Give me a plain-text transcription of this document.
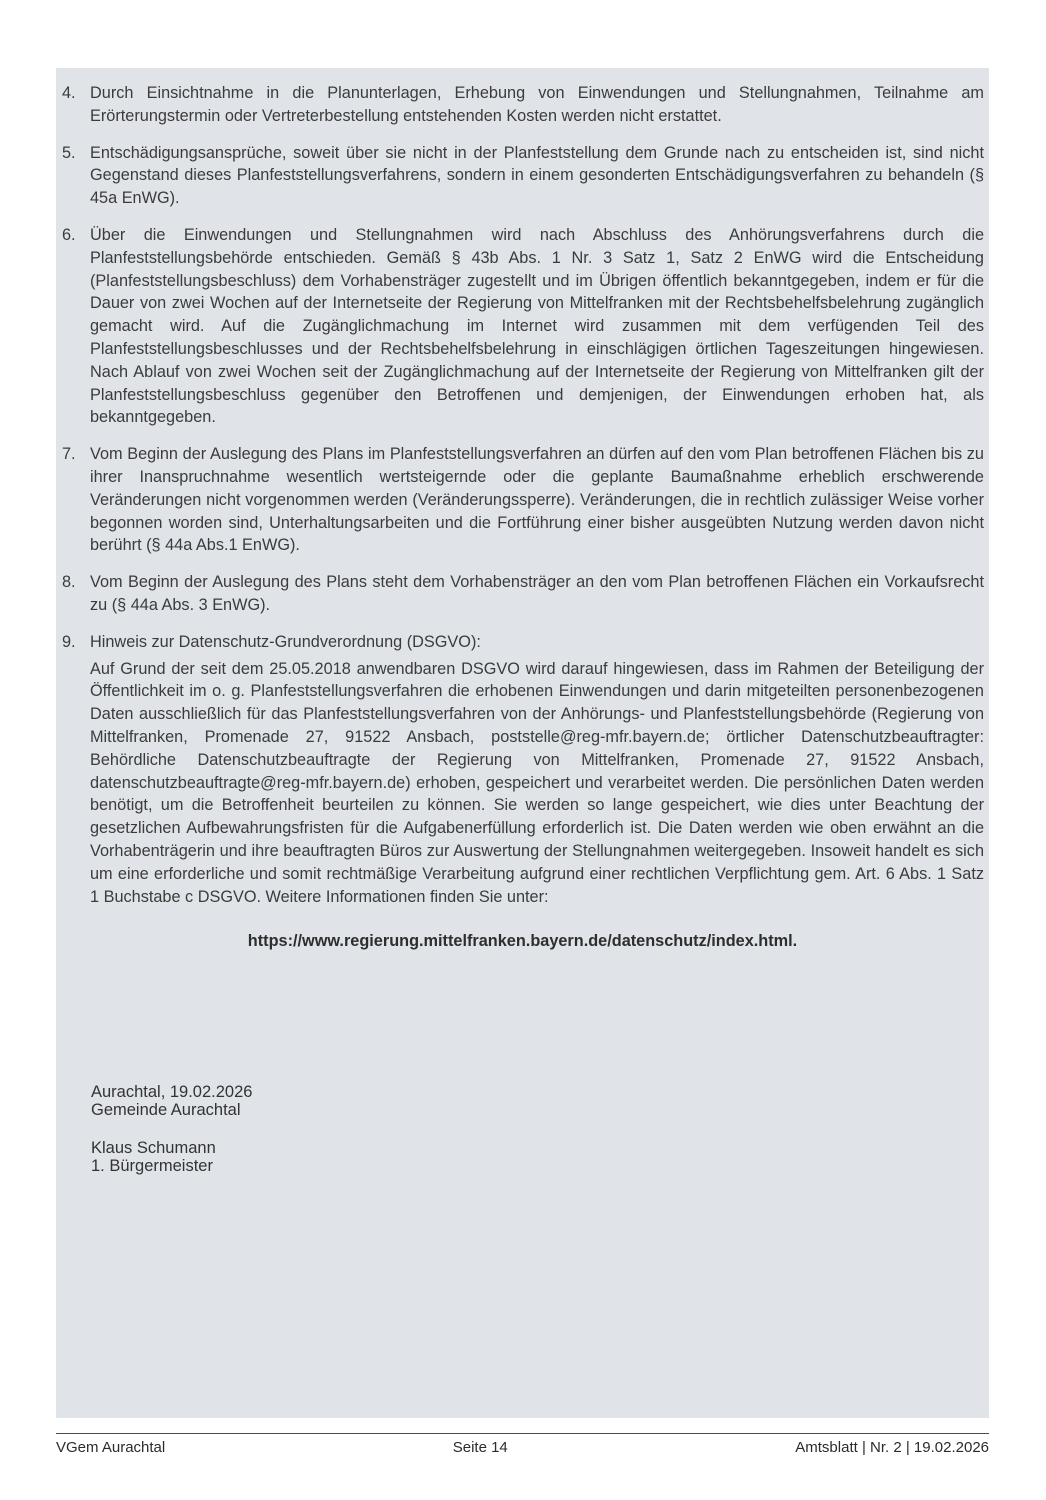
4. Durch Einsichtnahme in die Planunterlagen, Erhebung von Einwendungen und Stellungnahmen, Teilnahme am Erörterungstermin oder Vertreterbestellung entstehenden Kosten werden nicht erstattet.
5. Entschädigungsansprüche, soweit über sie nicht in der Planfeststellung dem Grunde nach zu entscheiden ist, sind nicht Gegenstand dieses Planfeststellungsverfahrens, sondern in einem gesonderten Entschädigungsverfahren zu behandeln (§ 45a EnWG).
6. Über die Einwendungen und Stellungnahmen wird nach Abschluss des Anhörungsverfahrens durch die Planfeststellungsbehörde entschieden. Gemäß § 43b Abs. 1 Nr. 3 Satz 1, Satz 2 EnWG wird die Entscheidung (Planfeststellungsbeschluss) dem Vorhabensträger zugestellt und im Übrigen öffentlich bekanntgegeben, indem er für die Dauer von zwei Wochen auf der Internetseite der Regierung von Mittelfranken mit der Rechtsbehelfsbelehrung zugänglich gemacht wird. Auf die Zugänglichmachung im Internet wird zusammen mit dem verfügenden Teil des Planfeststellungsbeschlusses und der Rechtsbehelfsbelehrung in einschlägigen örtlichen Tageszeitungen hingewiesen. Nach Ablauf von zwei Wochen seit der Zugänglichmachung auf der Internetseite der Regierung von Mittelfranken gilt der Planfeststellungsbeschluss gegenüber den Betroffenen und demjenigen, der Einwendungen erhoben hat, als bekanntgegeben.
7. Vom Beginn der Auslegung des Plans im Planfeststellungsverfahren an dürfen auf den vom Plan betroffenen Flächen bis zu ihrer Inanspruchnahme wesentlich wertsteigernde oder die geplante Baumaßnahme erheblich erschwerende Veränderungen nicht vorgenommen werden (Veränderungssperre). Veränderungen, die in rechtlich zulässiger Weise vorher begonnen worden sind, Unterhaltungsarbeiten und die Fortführung einer bisher ausgeübten Nutzung werden davon nicht berührt (§ 44a Abs.1 EnWG).
8. Vom Beginn der Auslegung des Plans steht dem Vorhabensträger an den vom Plan betroffenen Flächen ein Vorkaufsrecht zu (§ 44a Abs. 3 EnWG).
9. Hinweis zur Datenschutz-Grundverordnung (DSGVO):
Auf Grund der seit dem 25.05.2018 anwendbaren DSGVO wird darauf hingewiesen, dass im Rahmen der Beteiligung der Öffentlichkeit im o. g. Planfeststellungsverfahren die erhobenen Einwendungen und darin mitgeteilten personenbezogenen Daten ausschließlich für das Planfeststellungsverfahren von der Anhörungs- und Planfeststellungsbehörde (Regierung von Mittelfranken, Promenade 27, 91522 Ansbach, poststelle@reg-mfr.bayern.de; örtlicher Datenschutzbeauftragter: Behördliche Datenschutzbeauftragte der Regierung von Mittelfranken, Promenade 27, 91522 Ansbach, datenschutzbeauftragte@reg-mfr.bayern.de) erhoben, gespeichert und verarbeitet werden. Die persönlichen Daten werden benötigt, um die Betroffenheit beurteilen zu können. Sie werden so lange gespeichert, wie dies unter Beachtung der gesetzlichen Aufbewahrungsfristen für die Aufgabenerfüllung erforderlich ist. Die Daten werden wie oben erwähnt an die Vorhabenträgerin und ihre beauftragten Büros zur Auswertung der Stellungnahmen weitergegeben. Insoweit handelt es sich um eine erforderliche und somit rechtmäßige Verarbeitung aufgrund einer rechtlichen Verpflichtung gem. Art. 6 Abs. 1 Satz 1 Buchstabe c DSGVO. Weitere Informationen finden Sie unter:
https://www.regierung.mittelfranken.bayern.de/datenschutz/index.html.
Aurachtal, 19.02.2026
Gemeinde Aurachtal
Klaus Schumann
1. Bürgermeister
VGem Aurachtal	Seite 14	Amtsblatt | Nr. 2 | 19.02.2026
